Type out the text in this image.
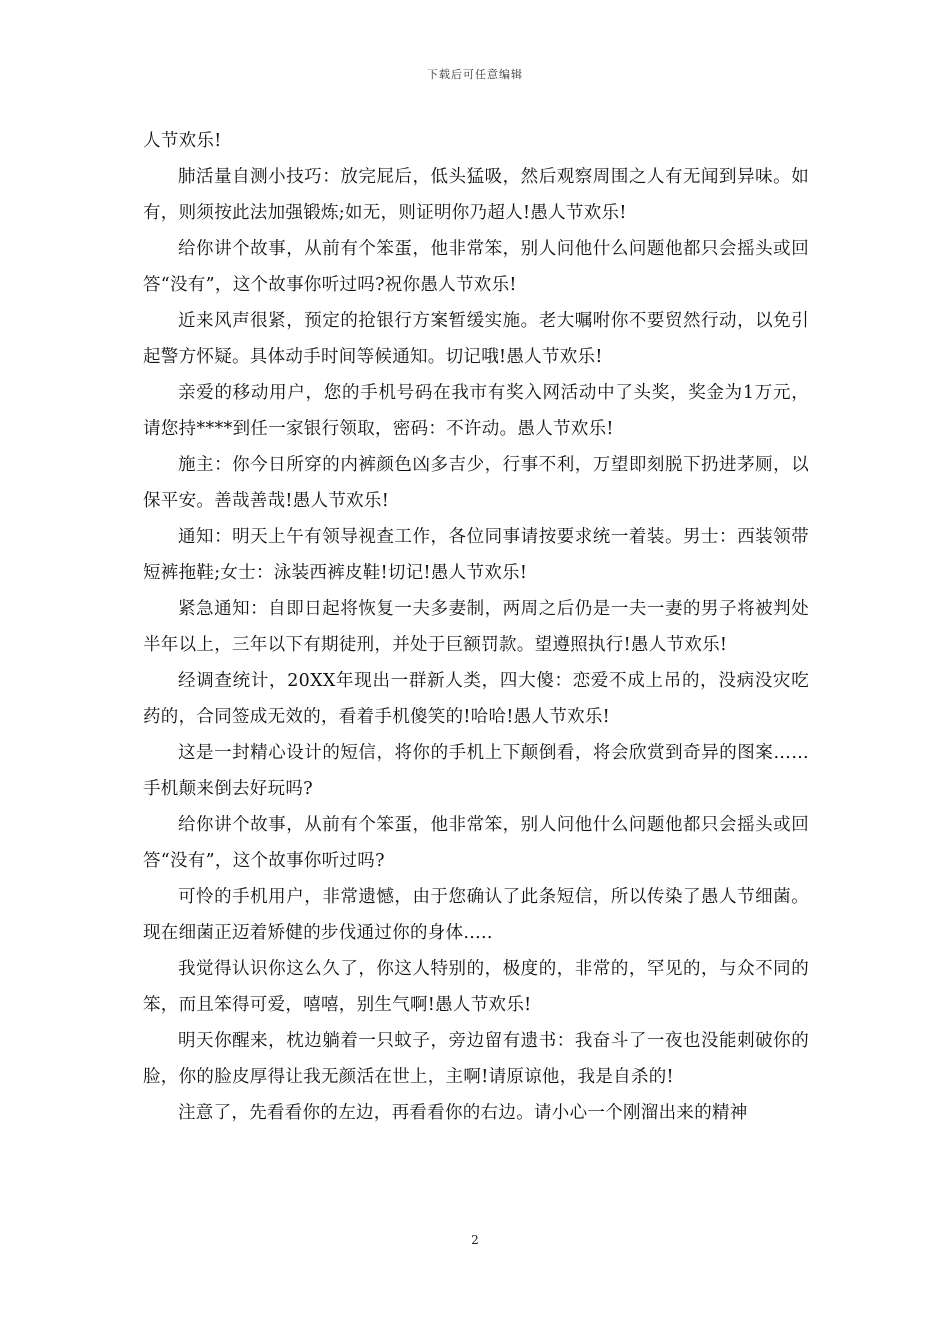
下载后可任意编辑

人节欢乐!

肺活量自测小技巧：放完屁后，低头猛吸，然后观察周围之人有无闻到异味。如有，则须按此法加强锻炼;如无，则证明你乃超人!愚人节欢乐!

给你讲个故事，从前有个笨蛋，他非常笨，别人问他什么问题他都只会摇头或回答“没有”，这个故事你听过吗?祝你愚人节欢乐!

近来风声很紧，预定的抢银行方案暂缓实施。老大嘱咐你不要贸然行动，以免引起警方怀疑。具体动手时间等候通知。切记哦!愚人节欢乐!

亲爱的移动用户，您的手机号码在我市有奖入网活动中了头奖，奖金为1万元，请您持****到任一家银行领取，密码：不许动。愚人节欢乐!

施主：你今日所穿的内裤颜色凶多吉少，行事不利，万望即刻脱下扔进茅厕，以保平安。善哉善哉!愚人节欢乐!

通知：明天上午有领导视查工作，各位同事请按要求统一着装。男士：西装领带短裤拖鞋;女士：泳装西裤皮鞋!切记!愚人节欢乐!

紧急通知：自即日起将恢复一夫多妻制，两周之后仍是一夫一妻的男子将被判处半年以上，三年以下有期徒刑，并处于巨额罚款。望遵照执行!愚人节欢乐!

经调查统计，20XX年现出一群新人类，四大傻：恋爱不成上吊的，没病没灾吃药的，合同签成无效的，看着手机傻笑的!哈哈!愚人节欢乐!

这是一封精心设计的短信，将你的手机上下颠倒看，将会欣赏到奇异的图案……手机颠来倒去好玩吗?

给你讲个故事，从前有个笨蛋，他非常笨，别人问他什么问题他都只会摇头或回答“没有”，这个故事你听过吗?

可怜的手机用户，非常遗憾，由于您确认了此条短信，所以传染了愚人节细菌。现在细菌正迈着矫健的步伐通过你的身体.....

我觉得认识你这么久了，你这人特别的，极度的，非常的，罕见的，与众不同的笨，而且笨得可爱，嘻嘻，别生气啊!愚人节欢乐!

明天你醒来，枕边躺着一只蚊子，旁边留有遗书：我奋斗了一夜也没能刺破你的脸，你的脸皮厚得让我无颜活在世上，主啊!请原谅他，我是自杀的!

注意了，先看看你的左边，再看看你的右边。请小心一个刚溜出来的精神

2
